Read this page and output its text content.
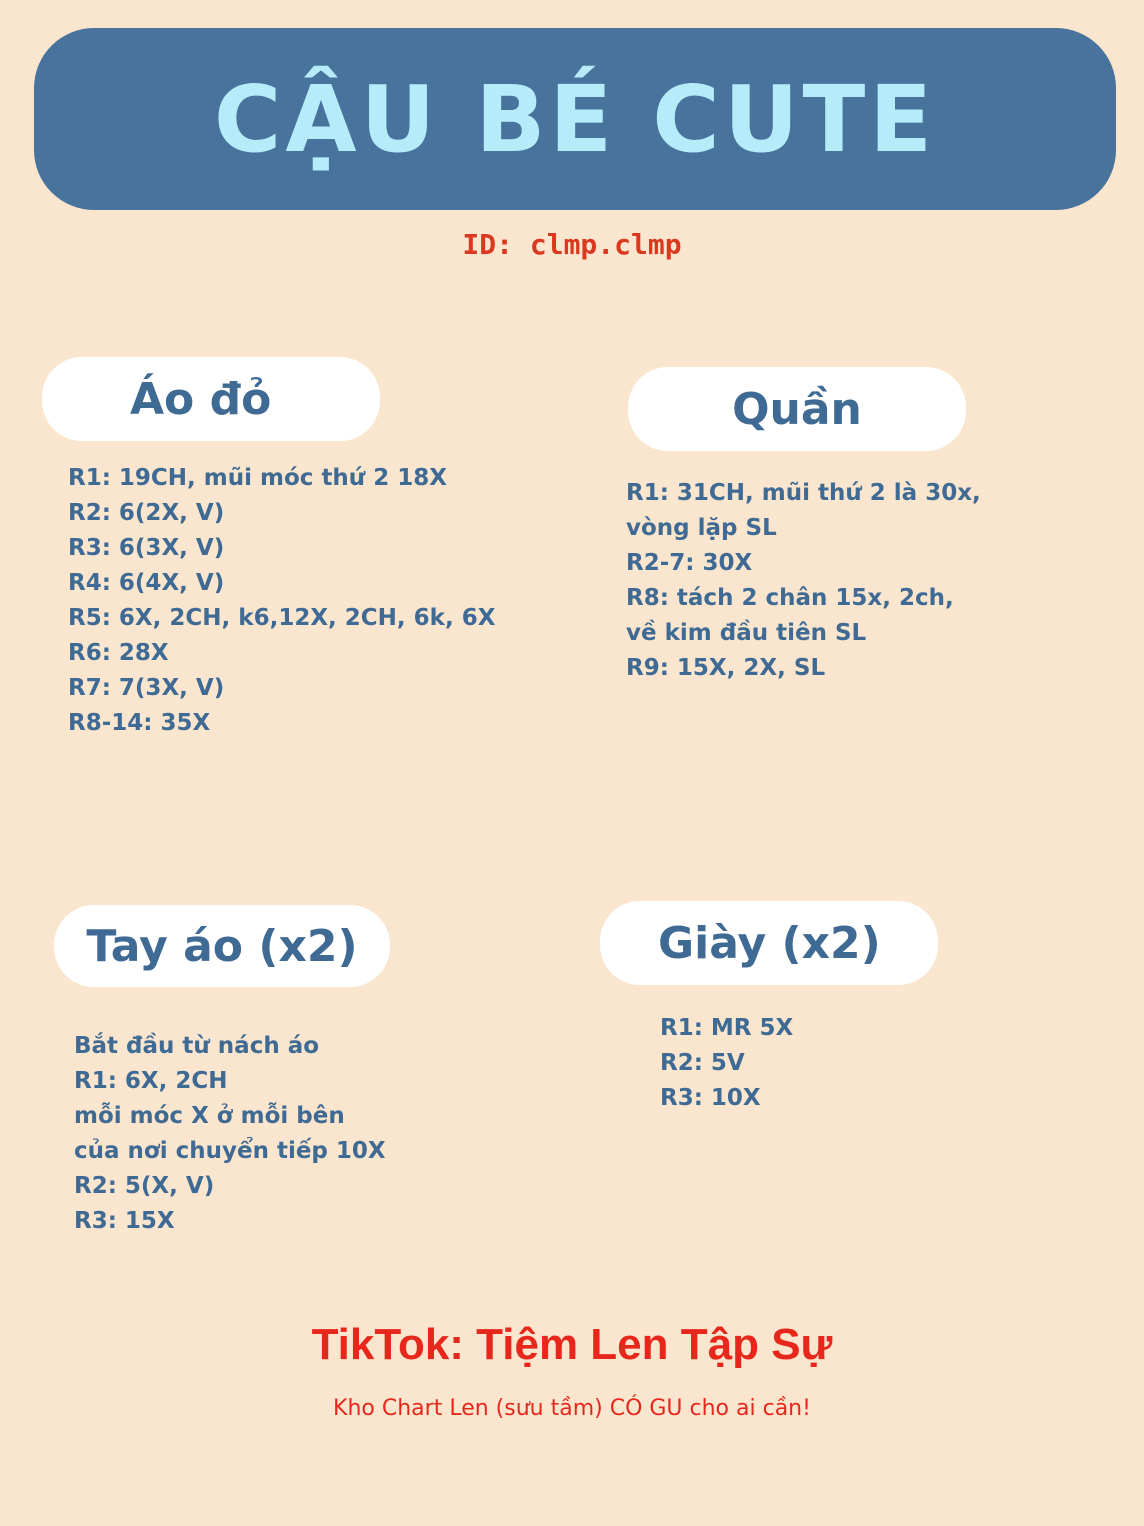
CẬU BÉ CUTE
ID: clmp.clmp
Áo đỏ
R1: 19CH, mũi móc thứ 2 18X
R2: 6(2X, V)
R3: 6(3X, V)
R4: 6(4X, V)
R5: 6X, 2CH, k6,12X, 2CH, 6k, 6X
R6: 28X
R7: 7(3X, V)
R8-14: 35X
Quần
R1: 31CH, mũi thứ 2 là 30x,
vòng lặp SL
R2-7: 30X
R8: tách 2 chân 15x, 2ch,
về kim đầu tiên SL
R9: 15X, 2X, SL
Tay áo (x2)
Bắt đầu từ nách áo
R1: 6X, 2CH
mỗi móc X ở mỗi bên
của nơi chuyển tiếp 10X
R2: 5(X, V)
R3: 15X
Giày (x2)
R1: MR 5X
R2: 5V
R3: 10X
TikTok: Tiệm Len Tập Sự
Kho Chart Len (sưu tầm) CÓ GU cho ai cần!
